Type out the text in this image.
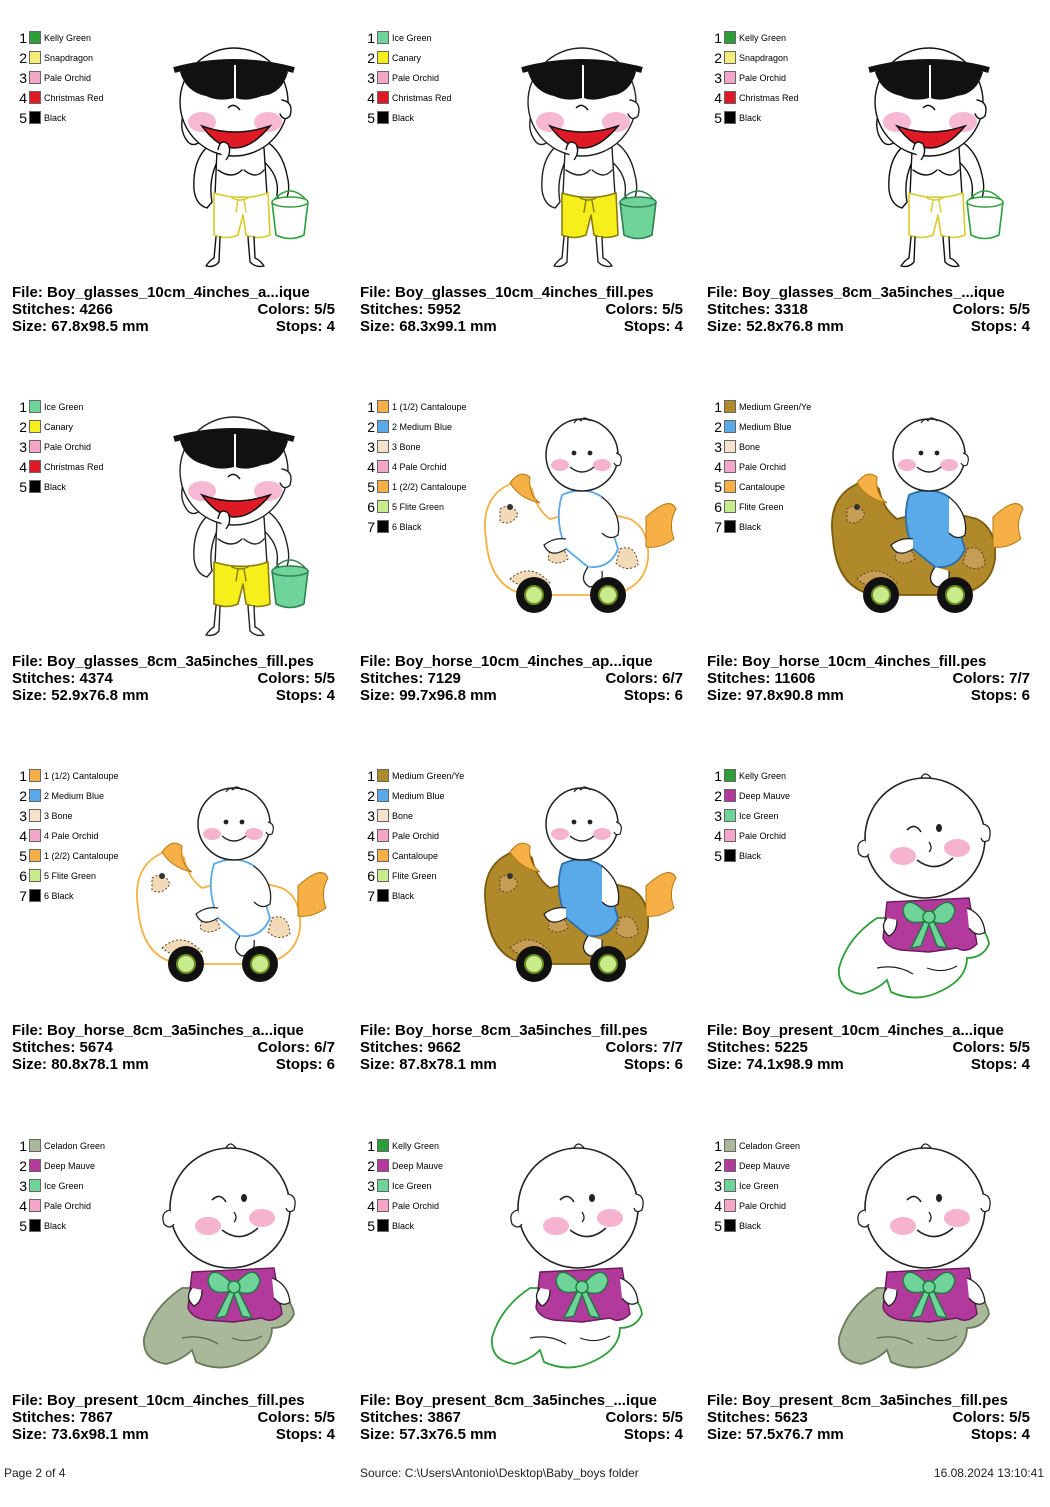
1 Kelly Green
2 Snapdragon
3 Pale Orchid
4 Christmas Red
5 Black
File: Boy_glasses_10cm_4inches_a...ique
Stitches: 4266	Colors: 5/5
Size: 67.8x98.5 mm	Stops: 4
1 Ice Green
2 Canary
3 Pale Orchid
4 Christmas Red
5 Black
File: Boy_glasses_10cm_4inches_fill.pes
Stitches: 5952	Colors: 5/5
Size: 68.3x99.1 mm	Stops: 4
1 Kelly Green
2 Snapdragon
3 Pale Orchid
4 Christmas Red
5 Black
File: Boy_glasses_8cm_3a5inches_...ique
Stitches: 3318	Colors: 5/5
Size: 52.8x76.8 mm	Stops: 4
1 Ice Green
2 Canary
3 Pale Orchid
4 Christmas Red
5 Black
File: Boy_glasses_8cm_3a5inches_fill.pes
Stitches: 4374	Colors: 5/5
Size: 52.9x76.8 mm	Stops: 4
1 1 (1/2) Cantaloupe
2 2 Medium Blue
3 3 Bone
4 4 Pale Orchid
5 1 (2/2) Cantaloupe
6 5 Flite Green
7 6 Black
File: Boy_horse_10cm_4inches_ap...ique
Stitches: 7129	Colors: 6/7
Size: 99.7x96.8 mm	Stops: 6
1 Medium Green/Ye
2 Medium Blue
3 Bone
4 Pale Orchid
5 Cantaloupe
6 Flite Green
7 Black
File: Boy_horse_10cm_4inches_fill.pes
Stitches: 11606	Colors: 7/7
Size: 97.8x90.8 mm	Stops: 6
1 1 (1/2) Cantaloupe
2 2 Medium Blue
3 3 Bone
4 4 Pale Orchid
5 1 (2/2) Cantaloupe
6 5 Flite Green
7 6 Black
File: Boy_horse_8cm_3a5inches_a...ique
Stitches: 5674	Colors: 6/7
Size: 80.8x78.1 mm	Stops: 6
1 Medium Green/Ye
2 Medium Blue
3 Bone
4 Pale Orchid
5 Cantaloupe
6 Flite Green
7 Black
File: Boy_horse_8cm_3a5inches_fill.pes
Stitches: 9662	Colors: 7/7
Size: 87.8x78.1 mm	Stops: 6
1 Kelly Green
2 Deep Mauve
3 Ice Green
4 Pale Orchid
5 Black
File: Boy_present_10cm_4inches_a...ique
Stitches: 5225	Colors: 5/5
Size: 74.1x98.9 mm	Stops: 4
1 Celadon Green
2 Deep Mauve
3 Ice Green
4 Pale Orchid
5 Black
File: Boy_present_10cm_4inches_fill.pes
Stitches: 7867	Colors: 5/5
Size: 73.6x98.1 mm	Stops: 4
1 Kelly Green
2 Deep Mauve
3 Ice Green
4 Pale Orchid
5 Black
File: Boy_present_8cm_3a5inches_...ique
Stitches: 3867	Colors: 5/5
Size: 57.3x76.5 mm	Stops: 4
1 Celadon Green
2 Deep Mauve
3 Ice Green
4 Pale Orchid
5 Black
File: Boy_present_8cm_3a5inches_fill.pes
Stitches: 5623	Colors: 5/5
Size: 57.5x76.7 mm	Stops: 4
Page 2 of 4	Source: C:\Users\Antonio\Desktop\Baby_boys folder	16.08.2024 13:10:41
